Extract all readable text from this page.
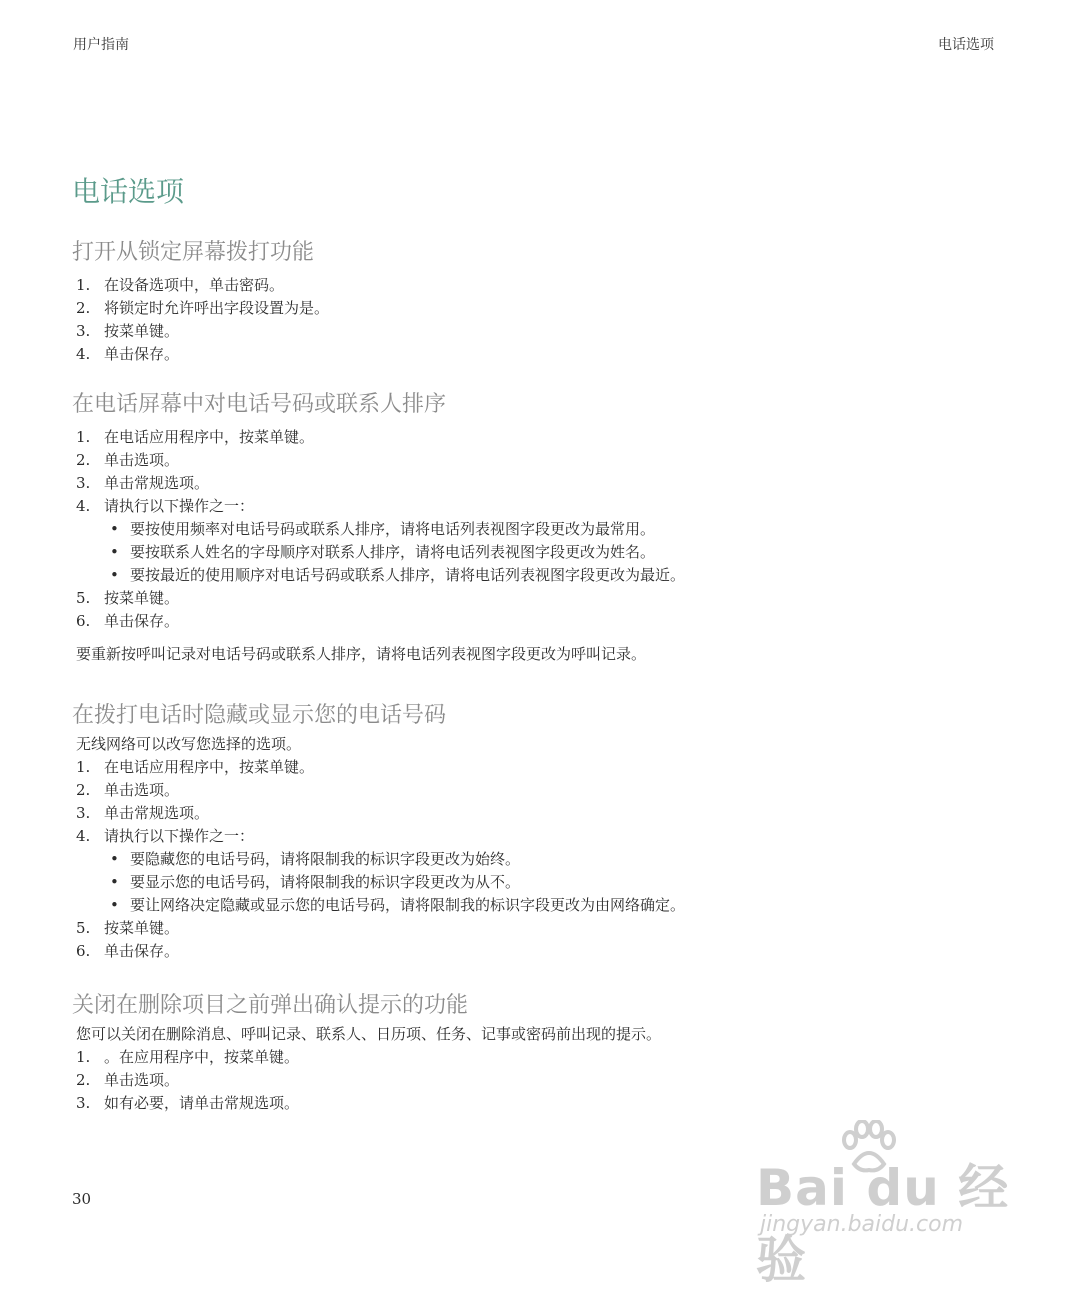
用户指南	电话选项
电话选项
打开从锁定屏幕拨打功能
1. 在设备选项中，单击密码。
2. 将锁定时允许呼出字段设置为是。
3. 按菜单键。
4. 单击保存。
在电话屏幕中对电话号码或联系人排序
1. 在电话应用程序中，按菜单键。
2. 单击选项。
3. 单击常规选项。
4. 请执行以下操作之一：
• 要按使用频率对电话号码或联系人排序，请将电话列表视图字段更改为最常用。
• 要按联系人姓名的字母顺序对联系人排序，请将电话列表视图字段更改为姓名。
• 要按最近的使用顺序对电话号码或联系人排序，请将电话列表视图字段更改为最近。
5. 按菜单键。
6. 单击保存。

要重新按呼叫记录对电话号码或联系人排序，请将电话列表视图字段更改为呼叫记录。

在拨打电话时隐藏或显示您的电话号码

无线网络可以改写您选择的选项。

1. 在电话应用程序中，按菜单键。
2. 单击选项。
3. 单击常规选项。
4. 请执行以下操作之一：
• 要隐藏您的电话号码，请将限制我的标识字段更改为始终。
• 要显示您的电话号码，请将限制我的标识字段更改为从不。
• 要让网络决定隐藏或显示您的电话号码，请将限制我的标识字段更改为由网络确定。
5. 按菜单键。
6. 单击保存。
关闭在删除项目之前弹出确认提示的功能

您可以关闭在删除消息、呼叫记录、联系人、日历项、任务、记事或密码前出现的提示。

1. 。在应用程序中，按菜单键。
2. 单击选项。
3. 如有必要，请单击常规选项。
30	Bai du 经验
jingyan.baidu.com
